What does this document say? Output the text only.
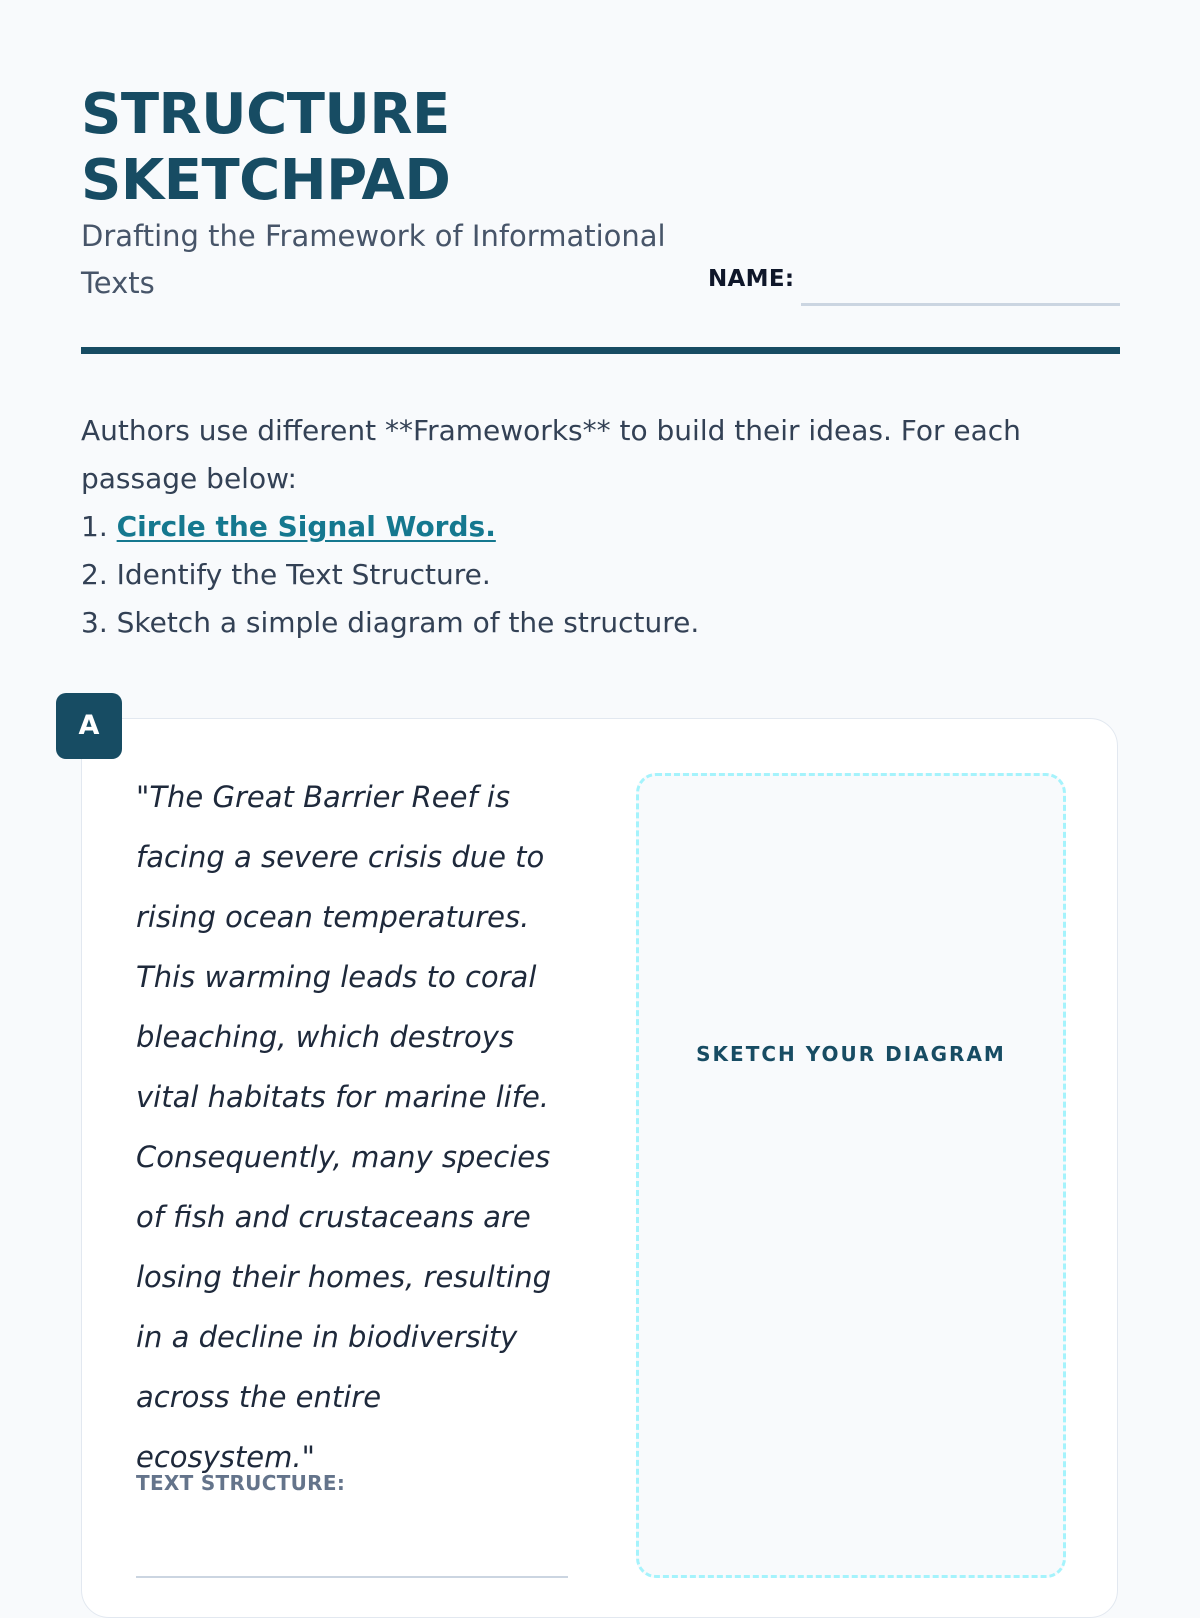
STRUCTURE
SKETCHPAD
Drafting the Framework of Informational Texts	NAME:

Authors use different **Frameworks** to build their ideas. For each passage below:

1. Circle the Signal Words.

2. Identify the Text Structure.

3. Sketch a simple diagram of the structure.

"The Great Barrier Reef is facing a severe crisis due to rising ocean temperatures. This warming leads to coral bleaching, which destroys vital habitats for marine life. Consequently, many species of fish and crustaceans are losing their homes, resulting in a decline in biodiversity across the entire ecosystem."

TEXT STRUCTURE:
SKETCH YOUR DIAGRAM
A
